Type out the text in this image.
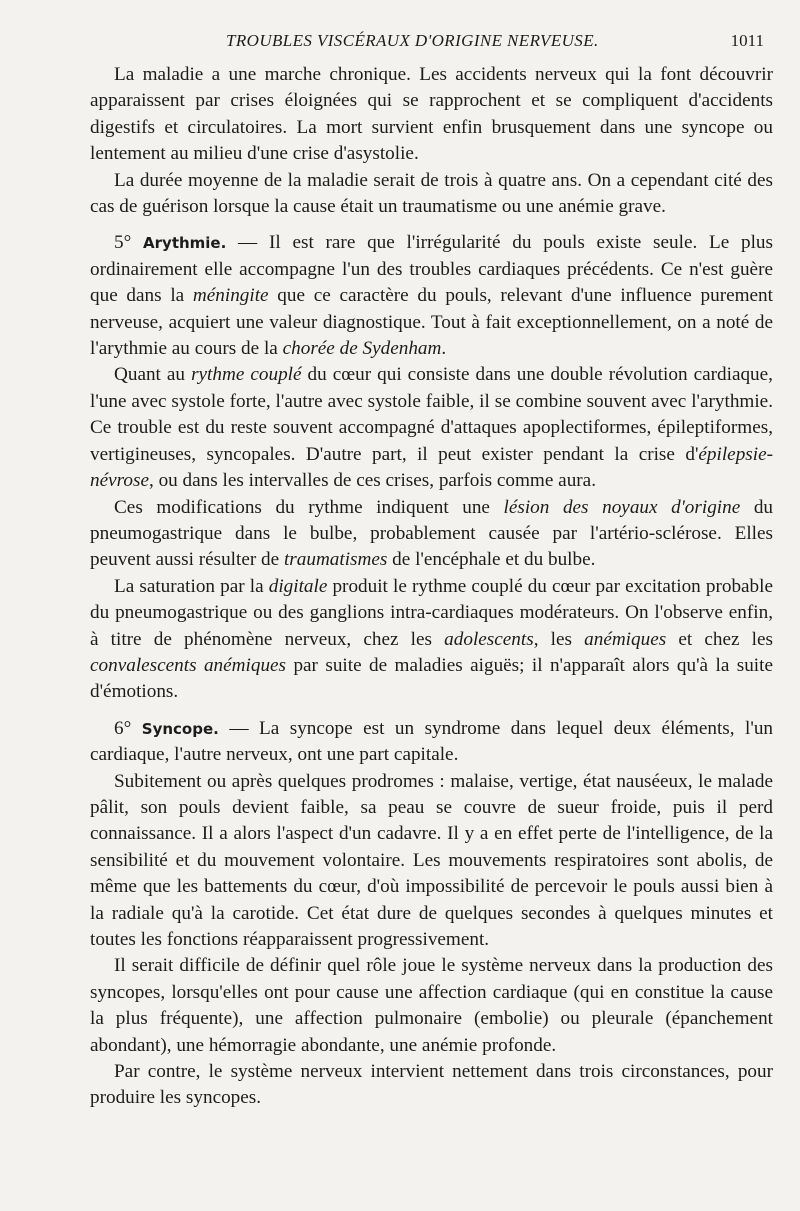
TROUBLES VISCÉRAUX D'ORIGINE NERVEUSE.	1011

La maladie a une marche chronique. Les accidents nerveux qui la font découvrir apparaissent par crises éloignées qui se rapprochent et se compliquent d'accidents digestifs et circulatoires. La mort survient enfin brusquement dans une syncope ou lentement au milieu d'une crise d'asystolie.

La durée moyenne de la maladie serait de trois à quatre ans. On a cependant cité des cas de guérison lorsque la cause était un traumatisme ou une anémie grave.

5° Arythmie. — Il est rare que l'irrégularité du pouls existe seule. Le plus ordinairement elle accompagne l'un des troubles cardiaques précédents. Ce n'est guère que dans la méningite que ce caractère du pouls, relevant d'une influence purement nerveuse, acquiert une valeur diagnostique. Tout à fait exceptionnellement, on a noté de l'arythmie au cours de la chorée de Sydenham.

Quant au rythme couplé du cœur qui consiste dans une double révolution cardiaque, l'une avec systole forte, l'autre avec systole faible, il se combine souvent avec l'arythmie. Ce trouble est du reste souvent accompagné d'attaques apoplectiformes, épileptiformes, vertigineuses, syncopales. D'autre part, il peut exister pendant la crise d'épilepsie-névrose, ou dans les intervalles de ces crises, parfois comme aura.

Ces modifications du rythme indiquent une lésion des noyaux d'origine du pneumogastrique dans le bulbe, probablement causée par l'artério-sclérose. Elles peuvent aussi résulter de traumatismes de l'encéphale et du bulbe.

La saturation par la digitale produit le rythme couplé du cœur par excitation probable du pneumogastrique ou des ganglions intra-cardiaques modérateurs. On l'observe enfin, à titre de phénomène nerveux, chez les adolescents, les anémiques et chez les convalescents anémiques par suite de maladies aiguës; il n'apparaît alors qu'à la suite d'émotions.

6° Syncope. — La syncope est un syndrome dans lequel deux éléments, l'un cardiaque, l'autre nerveux, ont une part capitale.

Subitement ou après quelques prodromes : malaise, vertige, état nauséeux, le malade pâlit, son pouls devient faible, sa peau se couvre de sueur froide, puis il perd connaissance. Il a alors l'aspect d'un cadavre. Il y a en effet perte de l'intelligence, de la sensibilité et du mouvement volontaire. Les mouvements respiratoires sont abolis, de même que les battements du cœur, d'où impossibilité de percevoir le pouls aussi bien à la radiale qu'à la carotide. Cet état dure de quelques secondes à quelques minutes et toutes les fonctions réapparaissent progressivement.

Il serait difficile de définir quel rôle joue le système nerveux dans la production des syncopes, lorsqu'elles ont pour cause une affection cardiaque (qui en constitue la cause la plus fréquente), une affection pulmonaire (embolie) ou pleurale (épanchement abondant), une hémorragie abondante, une anémie profonde.

Par contre, le système nerveux intervient nettement dans trois circonstances, pour produire les syncopes.
